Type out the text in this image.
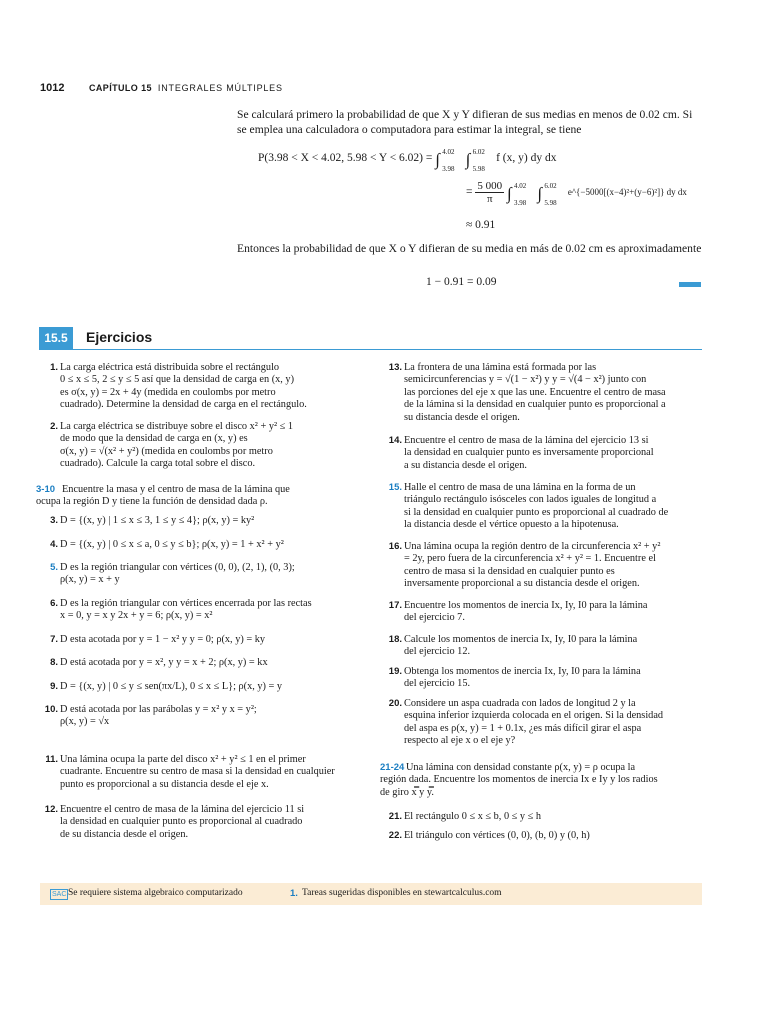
1012	CAPÍTULO 15 INTEGRALES MÚLTIPLES
Se calculará primero la probabilidad de que X y Y difieran de sus medias en menos de 0.02 cm. Si se emplea una calculadora o computadora para estimar la integral, se tiene
P(3.98 < X < 4.02, 5.98 < Y < 6.02) = ∫ 4.02
3.98 ∫ 6.02
5.98
f (x, y) dy dx
= $\frac{5 000}{\pi}$ ∫ 4.02
3.98 ∫ 6.02
5.98
e^{−5000[(x−4)²+(y−6)²]} dy dx
≈ 0.91
Entonces la probabilidad de que X o Y difieran de su media en más de 0.02 cm es aproximadamente
1 − 0.91 = 0.09
15.5	Ejercicios
1. La carga eléctrica está distribuida sobre el rectángulo
0 ≤ x ≤ 5, 2 ≤ y ≤ 5 así que la densidad de carga en (x, y)
es σ(x, y) = 2x + 4y (medida en coulombs por metro
cuadrado). Determine la densidad de carga en el rectángulo.
2. La carga eléctrica se distribuye sobre el disco x² + y² ≤ 1
de modo que la densidad de carga en (x, y) es
σ(x, y) = √(x² + y²) (medida en coulombs por metro
cuadrado). Calcule la carga total sobre el disco.
3-10 Encuentre la masa y el centro de masa de la lámina que
ocupa la región D y tiene la función de densidad dada ρ.
3. D = {(x, y) | 1 ≤ x ≤ 3, 1 ≤ y ≤ 4}; ρ(x, y) = ky²
4. D = {(x, y) | 0 ≤ x ≤ a, 0 ≤ y ≤ b}; ρ(x, y) = 1 + x² + y²
5. D es la región triangular con vértices (0, 0), (2, 1), (0, 3);
ρ(x, y) = x + y
6. D es la región triangular con vértices encerrada por las rectas
x = 0, y = x y 2x + y = 6; ρ(x, y) = x²
7. D esta acotada por y = 1 − x² y y = 0; ρ(x, y) = ky
8. D está acotada por y = x², y y = x + 2; ρ(x, y) = kx
9. D = {(x, y) | 0 ≤ y ≤ sen(πx/L), 0 ≤ x ≤ L}; ρ(x, y) = y
10. D está acotada por las parábolas y = x² y x = y²;
ρ(x, y) = √x
11. Una lámina ocupa la parte del disco x² + y² ≤ 1 en el primer
cuadrante. Encuentre su centro de masa si la densidad en cualquier
punto es proporcional a su distancia desde el eje x.
12. Encuentre el centro de masa de la lámina del ejercicio 11 si
la densidad en cualquier punto es proporcional al cuadrado
de su distancia desde el origen.
13. La frontera de una lámina está formada por las
semicircunferencias y = √(1 − x²) y y = √(4 − x²) junto con
las porciones del eje x que las une. Encuentre el centro de masa
de la lámina si la densidad en cualquier punto es proporcional a
su distancia desde el origen.
14. Encuentre el centro de masa de la lámina del ejercicio 13 si
la densidad en cualquier punto es inversamente proporcional
a su distancia desde el origen.
15. Halle el centro de masa de una lámina en la forma de un
triángulo rectángulo isósceles con lados iguales de longitud a
si la densidad en cualquier punto es proporcional al cuadrado de
la distancia desde el vértice opuesto a la hipotenusa.
16. Una lámina ocupa la región dentro de la circunferencia x² + y²
= 2y, pero fuera de la circunferencia x² + y² = 1. Encuentre el
centro de masa si la densidad en cualquier punto es
inversamente proporcional a su distancia desde el origen.
17. Encuentre los momentos de inercia Ix, Iy, I0 para la lámina
del ejercicio 7.
18. Calcule los momentos de inercia Ix, Iy, I0 para la lámina
del ejercicio 12.
19. Obtenga los momentos de inercia Ix, Iy, I0 para la lámina
del ejercicio 15.
20. Considere un aspa cuadrada con lados de longitud 2 y la
esquina inferior izquierda colocada en el origen. Si la densidad
del aspa es ρ(x, y) = 1 + 0.1x, ¿es más difícil girar el aspa
respecto al eje x o el eje y?
21-24 Una lámina con densidad constante ρ(x, y) = ρ ocupa la
región dada. Encuentre los momentos de inercia Ix e Iy y los radios
de giro x̿ y y̿.
21. El rectángulo 0 ≤ x ≤ b, 0 ≤ y ≤ h
22. El triángulo con vértices (0, 0), (b, 0) y (0, h)
SAC Se requiere sistema algebraico computarizado	1. Tareas sugeridas disponibles en stewartcalculus.com
